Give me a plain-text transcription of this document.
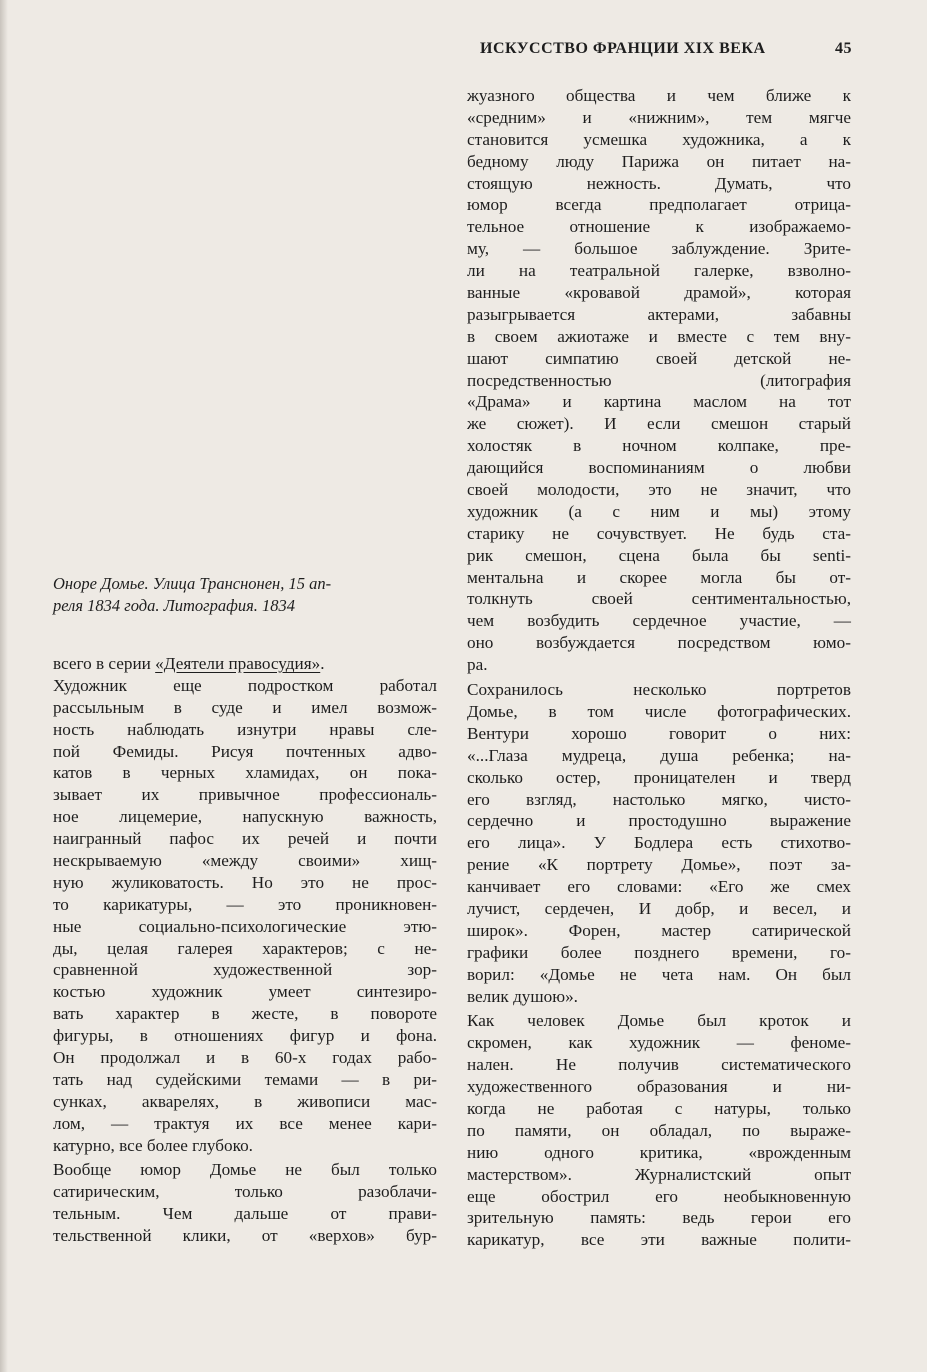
ИСКУССТВО ФРАНЦИИ XIX ВЕКА	45
Оноре Домье. Улица Транснонен, 15 ап-
реля 1834 года. Литография. 1834
всего в серии «Деятели правосудия».
Художник еще подростком работал
рассыльным в суде и имел возмож-
ность наблюдать изнутри нравы сле-
пой Фемиды. Рисуя почтенных адво-
катов в черных хламидах, он пока-
зывает их привычное профессиональ-
ное лицемерие, напускную важность,
наигранный пафос их речей и почти
нескрываемую «между своими» хищ-
ную жуликоватость. Но это не прос-
то карикатуры, — это проникновен-
ные социально-психологические этю-
ды, целая галерея характеров; с не-
сравненной художественной зор-
костью художник умеет синтезиро-
вать характер в жесте, в повороте
фигуры, в отношениях фигур и фона.
Он продолжал и в 60-х годах рабо-
тать над судейскими темами — в ри-
сунках, акварелях, в живописи мас-
лом, — трактуя их все менее кари-
катурно, все более глубоко.
Вообще юмор Домье не был только
сатирическим, только разоблачи-
тельным. Чем дальше от прави-
тельственной клики, от «верхов» бур-
жуазного общества и чем ближе к
«средним» и «нижним», тем мягче
становится усмешка художника, а к
бедному люду Парижа он питает на-
стоящую нежность. Думать, что
юмор всегда предполагает отрица-
тельное отношение к изображаемо-
му, — большое заблуждение. Зрите-
ли на театральной галерке, взволно-
ванные «кровавой драмой», которая
разыгрывается актерами, забавны
в своем ажиотаже и вместе с тем вну-
шают симпатию своей детской не-
посредственностью (литография
«Драма» и картина маслом на тот
же сюжет). И если смешон старый
холостяк в ночном колпаке, пре-
дающийся воспоминаниям о любви
своей молодости, это не значит, что
художник (а с ним и мы) этому
старику не сочувствует. Не будь ста-
рик смешон, сцена была бы senti-
ментальна и скорее могла бы от-
толкнуть своей сентиментальностью,
чем возбудить сердечное участие, —
оно возбуждается посредством юмо-
ра.
Сохранилось несколько портретов
Домье, в том числе фотографических.
Вентури хорошо говорит о них:
«...Глаза мудреца, душа ребенка; на-
сколько остер, проницателен и тверд
его взгляд, настолько мягко, чисто-
сердечно и простодушно выражение
его лица». У Бодлера есть стихотво-
рение «К портрету Домье», поэт за-
канчивает его словами: «Его же смех
лучист, сердечен, И добр, и весел, и
широк». Форен, мастер сатирической
графики более позднего времени, го-
ворил: «Домье не чета нам. Он был
велик душою».
Как человек Домье был кроток и
скромен, как художник — феноме-
нален. Не получив систематического
художественного образования и ни-
когда не работая с натуры, только
по памяти, он обладал, по выраже-
нию одного критика, «врожденным
мастерством». Журналистский опыт
еще обострил его необыкновенную
зрительную память: ведь герои его
карикатур, все эти важные полити-
